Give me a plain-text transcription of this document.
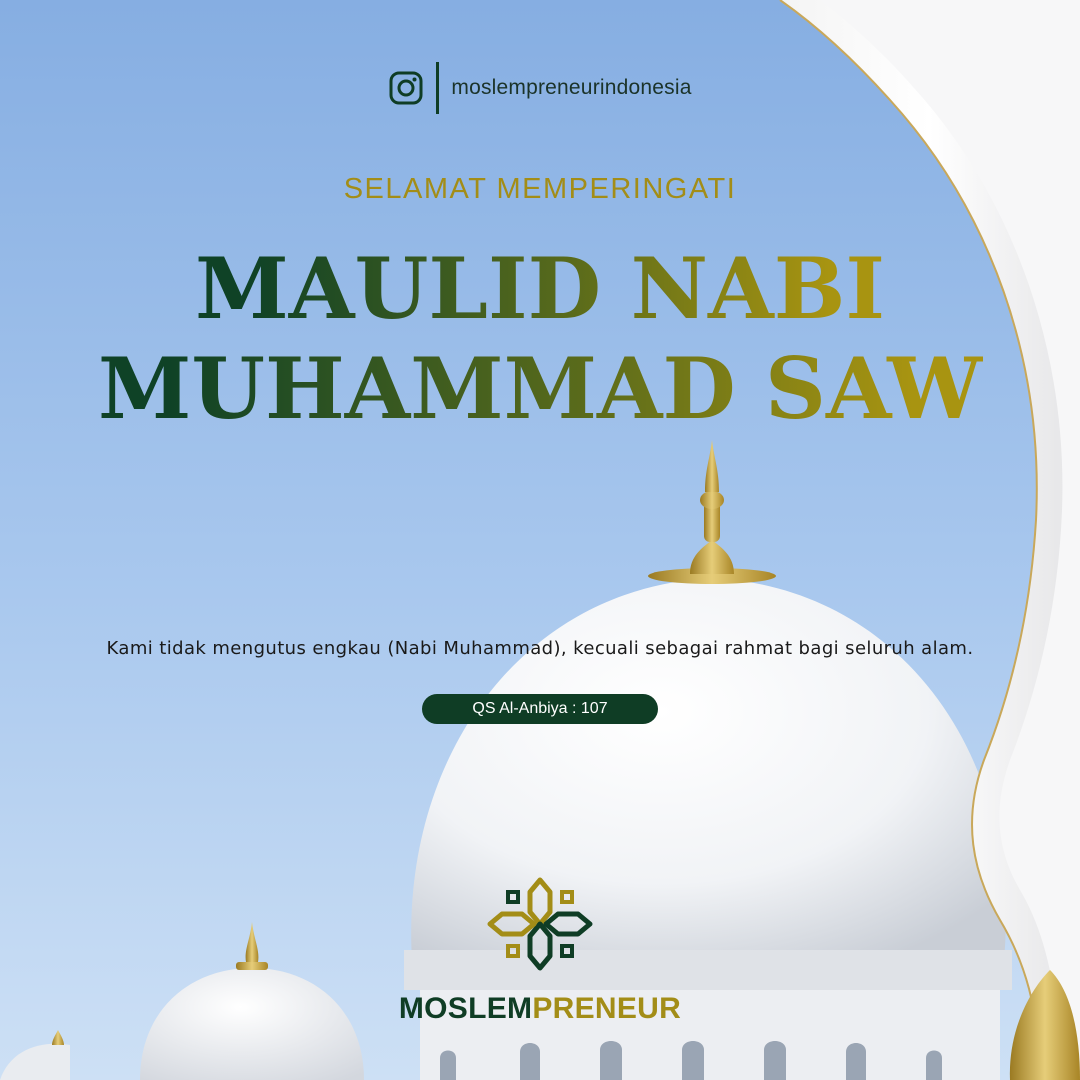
moslempreneurindonesia
SELAMAT MEMPERINGATI
MAULID NABI
MUHAMMAD SAW
Kami tidak mengutus engkau (Nabi Muhammad), kecuali sebagai rahmat bagi seluruh alam.
QS Al-Anbiya : 107
MOSLEMPRENEUR
